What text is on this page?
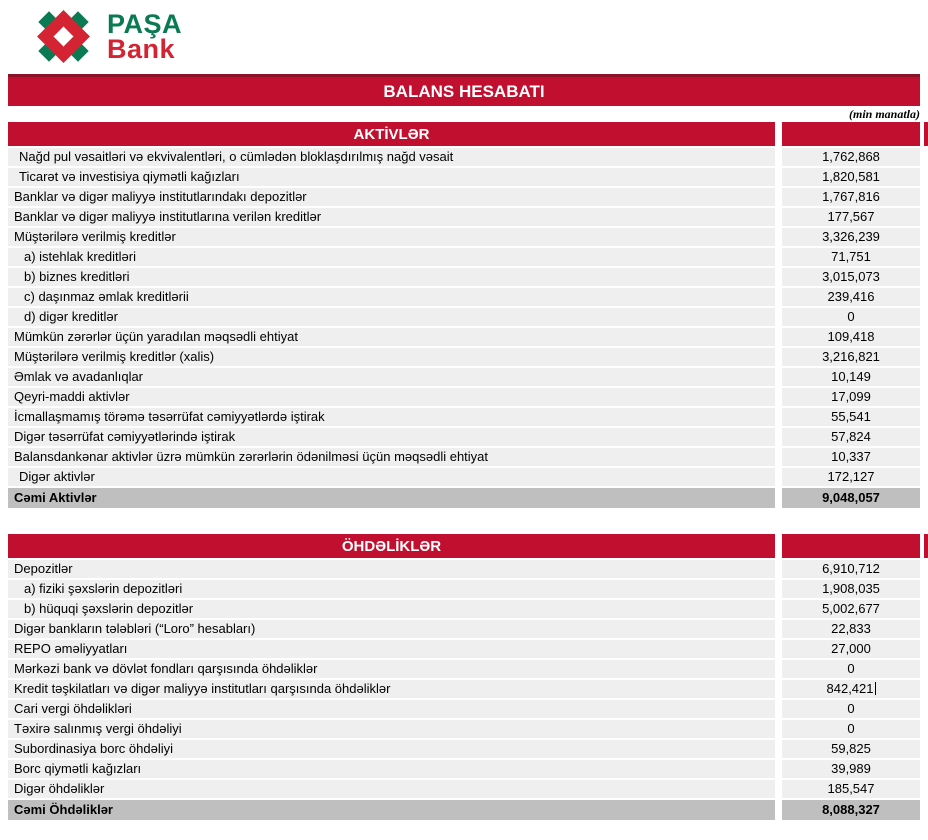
PAŞA
Bank
BALANS HESABATI
(min manatla)
AKTİVLƏR
Nağd pul vəsaitləri və ekvivalentləri, o cümlədən bloklaşdırılmış nağd vəsait	1,762,868
Ticarət və investisiya qiymətli kağızları	1,820,581
Banklar və digər maliyyə institutlarındakı depozitlər	1,767,816
Banklar və digər maliyyə institutlarına verilən kreditlər	177,567
Müştərilərə verilmiş kreditlər	3,326,239
a) istehlak kreditləri	71,751
b) biznes kreditləri	3,015,073
c) daşınmaz əmlak kreditlərii	239,416
d) digər kreditlər	0
Mümkün zərərlər üçün yaradılan məqsədli ehtiyat	109,418
Müştərilərə verilmiş kreditlər (xalis)	3,216,821
Əmlak və avadanlıqlar	10,149
Qeyri-maddi aktivlər	17,099
İcmallaşmamış törəmə təsərrüfat cəmiyyətlərdə iştirak	55,541
Digər təsərrüfat cəmiyyətlərində iştirak	57,824
Balansdankənar aktivlər üzrə mümkün zərərlərin ödənilməsi üçün məqsədli ehtiyat	10,337
Digər aktivlər	172,127
Cəmi Aktivlər	9,048,057
ÖHDƏLİKLƏR
Depozitlər	6,910,712
a) fiziki şəxslərin depozitləri	1,908,035
b) hüquqi şəxslərin depozitlər	5,002,677
Digər bankların tələbləri (“Loro” hesabları)	22,833
REPO əməliyyatları	27,000
Mərkəzi bank və dövlət fondları qarşısında öhdəliklər	0
Kredit təşkilatları və digər maliyyə institutları qarşısında öhdəliklər	842,421
Cari vergi öhdəlikləri	0
Təxirə salınmış vergi öhdəliyi	0
Subordinasiya borc öhdəliyi	59,825
Borc qiymətli kağızları	39,989
Digər öhdəliklər	185,547
Cəmi Öhdəliklər	8,088,327
